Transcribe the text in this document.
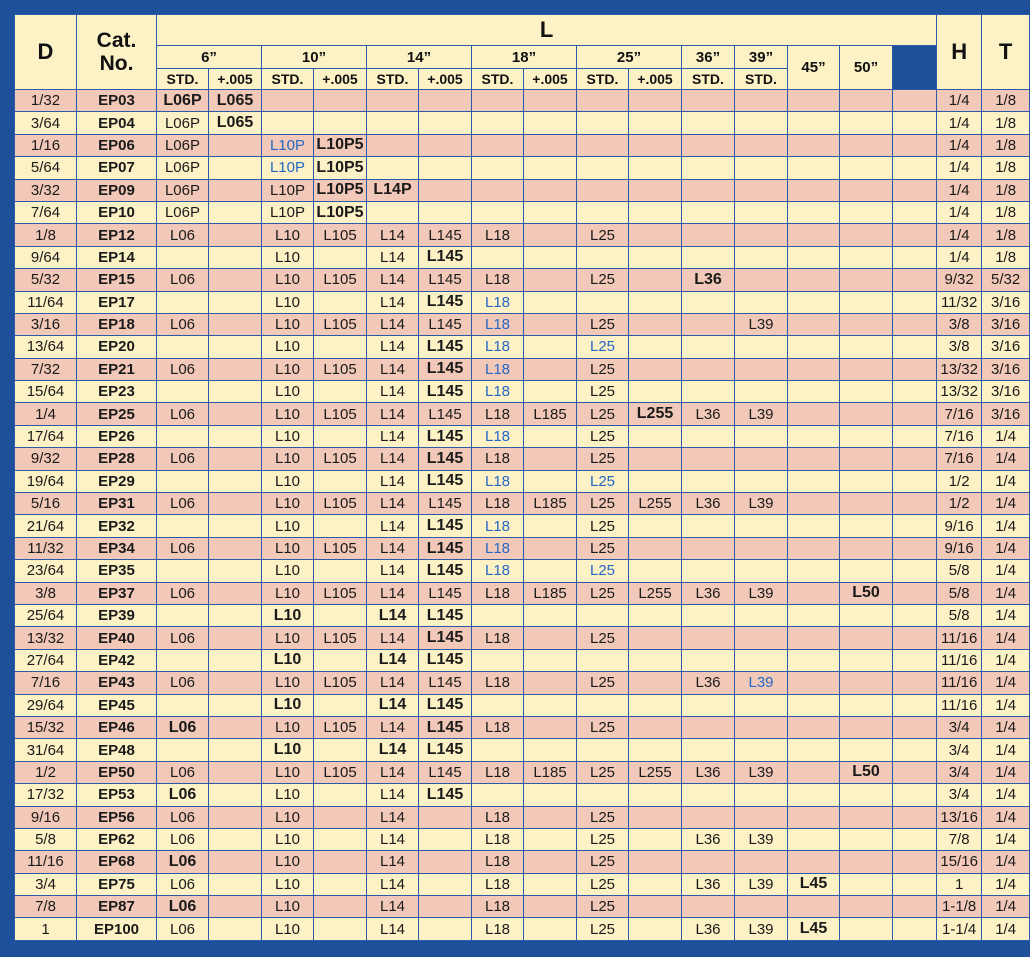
D	Cat.
No.	L															H	T
		6”		10”		14”		18”		25”		36”	39”	45”	50”			
		STD.	+.005	STD.	+.005	STD.	+.005	STD.	+.005	STD.	+.005	STD.	STD.					
1/32	EP03	L06P	L065														1/4	1/8
3/64	EP04	L06P	L065														1/4	1/8
1/16	EP06	L06P		L10P	L10P5												1/4	1/8
5/64	EP07	L06P		L10P	L10P5												1/4	1/8
3/32	EP09	L06P		L10P	L10P5	L14P											1/4	1/8
7/64	EP10	L06P		L10P	L10P5												1/4	1/8
1/8	EP12	L06		L10	L105	L14	L145	L18		L25							1/4	1/8
9/64	EP14			L10		L14	L145										1/4	1/8
5/32	EP15	L06		L10	L105	L14	L145	L18		L25		L36					9/32	5/32
11/64	EP17			L10		L14	L145	L18									11/32	3/16
3/16	EP18	L06		L10	L105	L14	L145	L18		L25			L39				3/8	3/16
13/64	EP20			L10		L14	L145	L18		L25							3/8	3/16
7/32	EP21	L06		L10	L105	L14	L145	L18		L25							13/32	3/16
15/64	EP23			L10		L14	L145	L18		L25							13/32	3/16
1/4	EP25	L06		L10	L105	L14	L145	L18	L185	L25	L255	L36	L39				7/16	3/16
17/64	EP26			L10		L14	L145	L18		L25							7/16	1/4
9/32	EP28	L06		L10	L105	L14	L145	L18		L25							7/16	1/4
19/64	EP29			L10		L14	L145	L18		L25							1/2	1/4
5/16	EP31	L06		L10	L105	L14	L145	L18	L185	L25	L255	L36	L39				1/2	1/4
21/64	EP32			L10		L14	L145	L18		L25							9/16	1/4
11/32	EP34	L06		L10	L105	L14	L145	L18		L25							9/16	1/4
23/64	EP35			L10		L14	L145	L18		L25							5/8	1/4
3/8	EP37	L06		L10	L105	L14	L145	L18	L185	L25	L255	L36	L39		L50		5/8	1/4
25/64	EP39			L10		L14	L145										5/8	1/4
13/32	EP40	L06		L10	L105	L14	L145	L18		L25							11/16	1/4
27/64	EP42			L10		L14	L145										11/16	1/4
7/16	EP43	L06		L10	L105	L14	L145	L18		L25		L36	L39				11/16	1/4
29/64	EP45			L10		L14	L145										11/16	1/4
15/32	EP46	L06		L10	L105	L14	L145	L18		L25							3/4	1/4
31/64	EP48			L10		L14	L145										3/4	1/4
1/2	EP50	L06		L10	L105	L14	L145	L18	L185	L25	L255	L36	L39		L50		3/4	1/4
17/32	EP53	L06		L10		L14	L145										3/4	1/4
9/16	EP56	L06		L10		L14		L18		L25							13/16	1/4
5/8	EP62	L06		L10		L14		L18		L25		L36	L39				7/8	1/4
11/16	EP68	L06		L10		L14		L18		L25							15/16	1/4
3/4	EP75	L06		L10		L14		L18		L25		L36	L39	L45			1	1/4
7/8	EP87	L06		L10		L14		L18		L25							1-1/8	1/4
1	EP100	L06		L10		L14		L18		L25		L36	L39	L45			1-1/4	1/4
